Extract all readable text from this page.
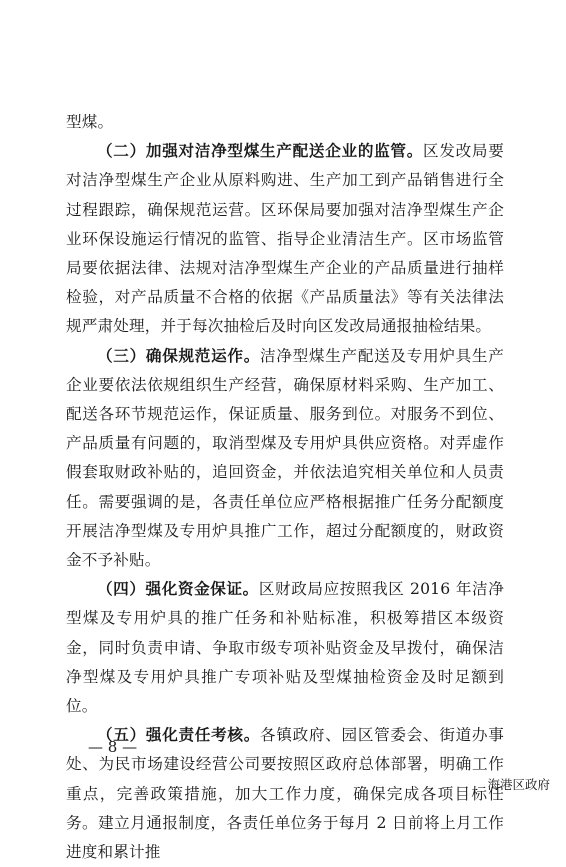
型煤。

（二）加强对洁净型煤生产配送企业的监管。区发改局要对洁净型煤生产企业从原料购进、生产加工到产品销售进行全过程跟踪，确保规范运营。区环保局要加强对洁净型煤生产企业环保设施运行情况的监管、指导企业清洁生产。区市场监管局要依据法律、法规对洁净型煤生产企业的产品质量进行抽样检验，对产品质量不合格的依据《产品质量法》等有关法律法规严肃处理，并于每次抽检后及时向区发改局通报抽检结果。

（三）确保规范运作。洁净型煤生产配送及专用炉具生产企业要依法依规组织生产经营，确保原材料采购、生产加工、配送各环节规范运作，保证质量、服务到位。对服务不到位、产品质量有问题的，取消型煤及专用炉具供应资格。对弄虚作假套取财政补贴的，追回资金，并依法追究相关单位和人员责任。需要强调的是，各责任单位应严格根据推广任务分配额度开展洁净型煤及专用炉具推广工作，超过分配额度的，财政资金不予补贴。

（四）强化资金保证。区财政局应按照我区 2016 年洁净型煤及专用炉具的推广任务和补贴标准，积极筹措区本级资金，同时负责申请、争取市级专项补贴资金及早拨付，确保洁净型煤及专用炉具推广专项补贴及型煤抽检资金及时足额到位。

（五）强化责任考核。各镇政府、园区管委会、街道办事处、为民市场建设经营公司要按照区政府总体部署，明确工作重点，完善政策措施，加大工作力度，确保完成各项目标任务。建立月通报制度，各责任单位务于每月 2 日前将上月工作进度和累计推

— 8 —
海港区政府
